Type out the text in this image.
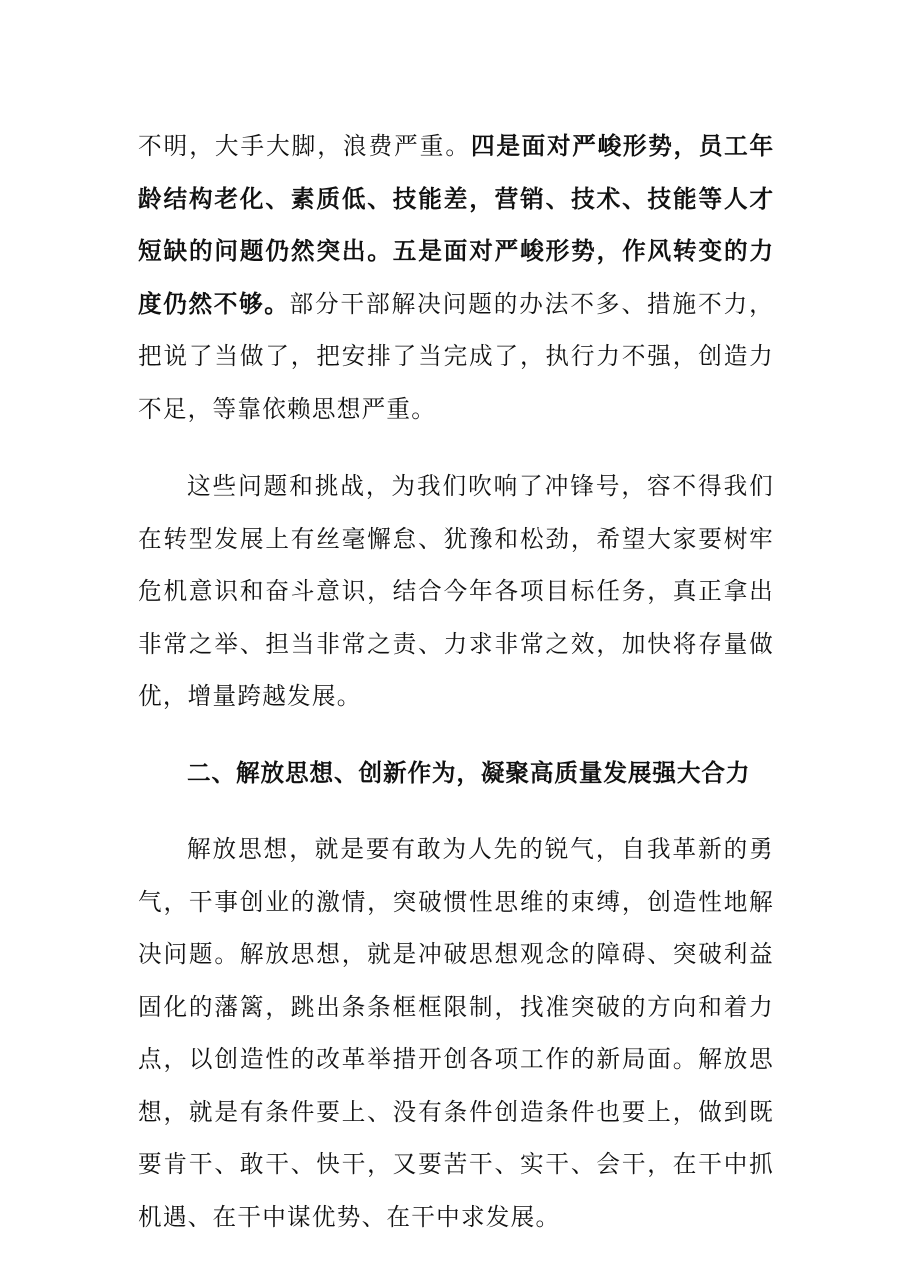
不明，大手大脚，浪费严重。四是面对严峻形势，员工年龄结构老化、素质低、技能差，营销、技术、技能等人才短缺的问题仍然突出。五是面对严峻形势，作风转变的力度仍然不够。部分干部解决问题的办法不多、措施不力，把说了当做了，把安排了当完成了，执行力不强，创造力不足，等靠依赖思想严重。

这些问题和挑战，为我们吹响了冲锋号，容不得我们在转型发展上有丝毫懈怠、犹豫和松劲，希望大家要树牢危机意识和奋斗意识，结合今年各项目标任务，真正拿出非常之举、担当非常之责、力求非常之效，加快将存量做优，增量跨越发展。

二、解放思想、创新作为，凝聚高质量发展强大合力

解放思想，就是要有敢为人先的锐气，自我革新的勇气，干事创业的激情，突破惯性思维的束缚，创造性地解决问题。解放思想，就是冲破思想观念的障碍、突破利益固化的藩篱，跳出条条框框限制，找准突破的方向和着力点，以创造性的改革举措开创各项工作的新局面。解放思想，就是有条件要上、没有条件创造条件也要上，做到既要肯干、敢干、快干，又要苦干、实干、会干，在干中抓机遇、在干中谋优势、在干中求发展。
